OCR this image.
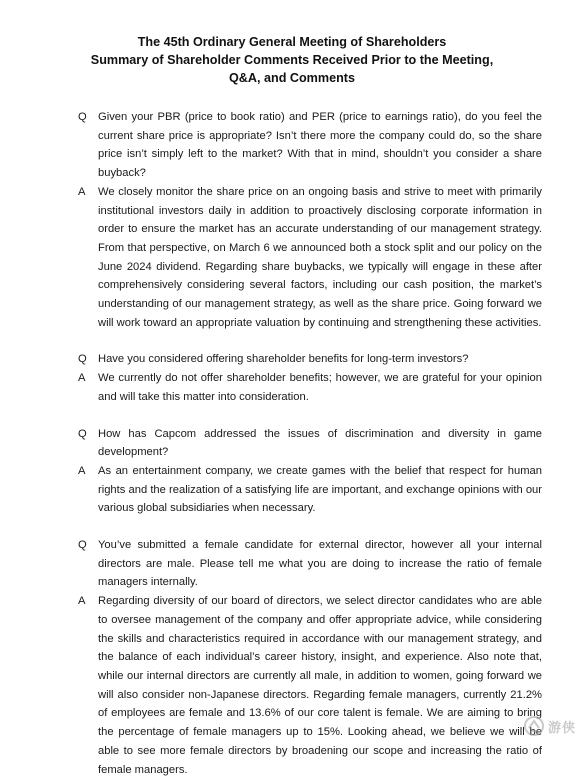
The 45th Ordinary General Meeting of Shareholders
Summary of Shareholder Comments Received Prior to the Meeting,
Q&A, and Comments
Q Given your PBR (price to book ratio) and PER (price to earnings ratio), do you feel the current share price is appropriate? Isn’t there more the company could do, so the share price isn’t simply left to the market? With that in mind, shouldn’t you consider a share buyback?
A We closely monitor the share price on an ongoing basis and strive to meet with primarily institutional investors daily in addition to proactively disclosing corporate information in order to ensure the market has an accurate understanding of our management strategy. From that perspective, on March 6 we announced both a stock split and our policy on the June 2024 dividend. Regarding share buybacks, we typically will engage in these after comprehensively considering several factors, including our cash position, the market’s understanding of our management strategy, as well as the share price. Going forward we will work toward an appropriate valuation by continuing and strengthening these activities.
Q Have you considered offering shareholder benefits for long-term investors?
A We currently do not offer shareholder benefits; however, we are grateful for your opinion and will take this matter into consideration.
Q How has Capcom addressed the issues of discrimination and diversity in game development?
A As an entertainment company, we create games with the belief that respect for human rights and the realization of a satisfying life are important, and exchange opinions with our various global subsidiaries when necessary.
Q You’ve submitted a female candidate for external director, however all your internal directors are male. Please tell me what you are doing to increase the ratio of female managers internally.
A Regarding diversity of our board of directors, we select director candidates who are able to oversee management of the company and offer appropriate advice, while considering the skills and characteristics required in accordance with our management strategy, and the balance of each individual’s career history, insight, and experience. Also note that, while our internal directors are currently all male, in addition to women, going forward we will also consider non-Japanese directors. Regarding female managers, currently 21.2% of employees are female and 13.6% of our core talent is female. We are aiming to bring the percentage of female managers up to 15%. Looking ahead, we believe we will be able to see more female directors by broadening our scope and increasing the ratio of female managers.
游侠
